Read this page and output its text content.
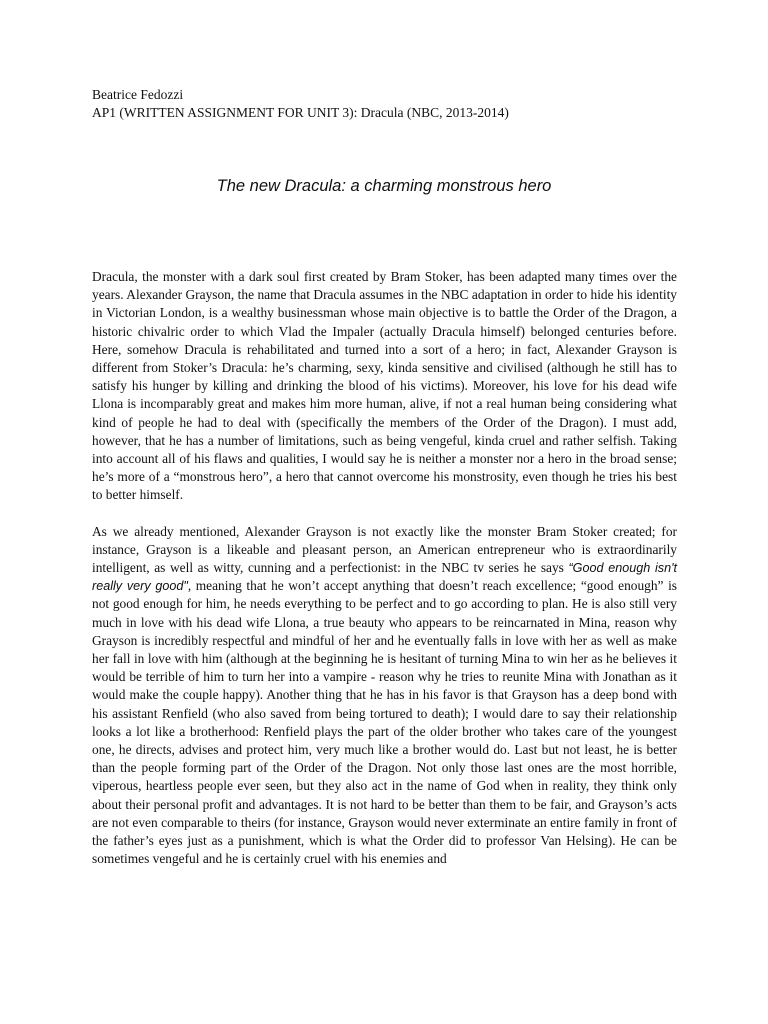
Beatrice Fedozzi
AP1 (WRITTEN ASSIGNMENT FOR UNIT 3): Dracula (NBC, 2013-2014)
The new Dracula: a charming monstrous hero

Dracula, the monster with a dark soul first created by Bram Stoker, has been adapted many times over the years. Alexander Grayson, the name that Dracula assumes in the NBC adaptation in order to hide his identity in Victorian London, is a wealthy businessman whose main objective is to battle the Order of the Dragon, a historic chivalric order to which Vlad the Impaler (actually Dracula himself) belonged centuries before. Here, somehow Dracula is rehabilitated and turned into a sort of a hero; in fact, Alexander Grayson is different from Stoker’s Dracula: he’s charming, sexy, kinda sensitive and civilised (although he still has to satisfy his hunger by killing and drinking the blood of his victims). Moreover, his love for his dead wife Llona is incomparably great and makes him more human, alive, if not a real human being considering what kind of people he had to deal with (specifically the members of the Order of the Dragon). I must add, however, that he has a number of limitations, such as being vengeful, kinda cruel and rather selfish. Taking into account all of his flaws and qualities, I would say he is neither a monster nor a hero in the broad sense; he’s more of a “monstrous hero”, a hero that cannot overcome his monstrosity, even though he tries his best to better himself.

As we already mentioned, Alexander Grayson is not exactly like the monster Bram Stoker created; for instance, Grayson is a likeable and pleasant person, an American entrepreneur who is extraordinarily intelligent, as well as witty, cunning and a perfectionist: in the NBC tv series he says “Good enough isn't really very good", meaning that he won’t accept anything that doesn’t reach excellence; “good enough” is not good enough for him, he needs everything to be perfect and to go according to plan. He is also still very much in love with his dead wife Llona, a true beauty who appears to be reincarnated in Mina, reason why Grayson is incredibly respectful and mindful of her and he eventually falls in love with her as well as make her fall in love with him (although at the beginning he is hesitant of turning Mina to win her as he believes it would be terrible of him to turn her into a vampire - reason why he tries to reunite Mina with Jonathan as it would make the couple happy). Another thing that he has in his favor is that Grayson has a deep bond with his assistant Renfield (who also saved from being tortured to death); I would dare to say their relationship looks a lot like a brotherhood: Renfield plays the part of the older brother who takes care of the youngest one, he directs, advises and protect him, very much like a brother would do. Last but not least, he is better than the people forming part of the Order of the Dragon. Not only those last ones are the most horrible, viperous, heartless people ever seen, but they also act in the name of God when in reality, they think only about their personal profit and advantages. It is not hard to be better than them to be fair, and Grayson’s acts are not even comparable to theirs (for instance, Grayson would never exterminate an entire family in front of the father’s eyes just as a punishment, which is what the Order did to professor Van Helsing). He can be sometimes vengeful and he is certainly cruel with his enemies and
